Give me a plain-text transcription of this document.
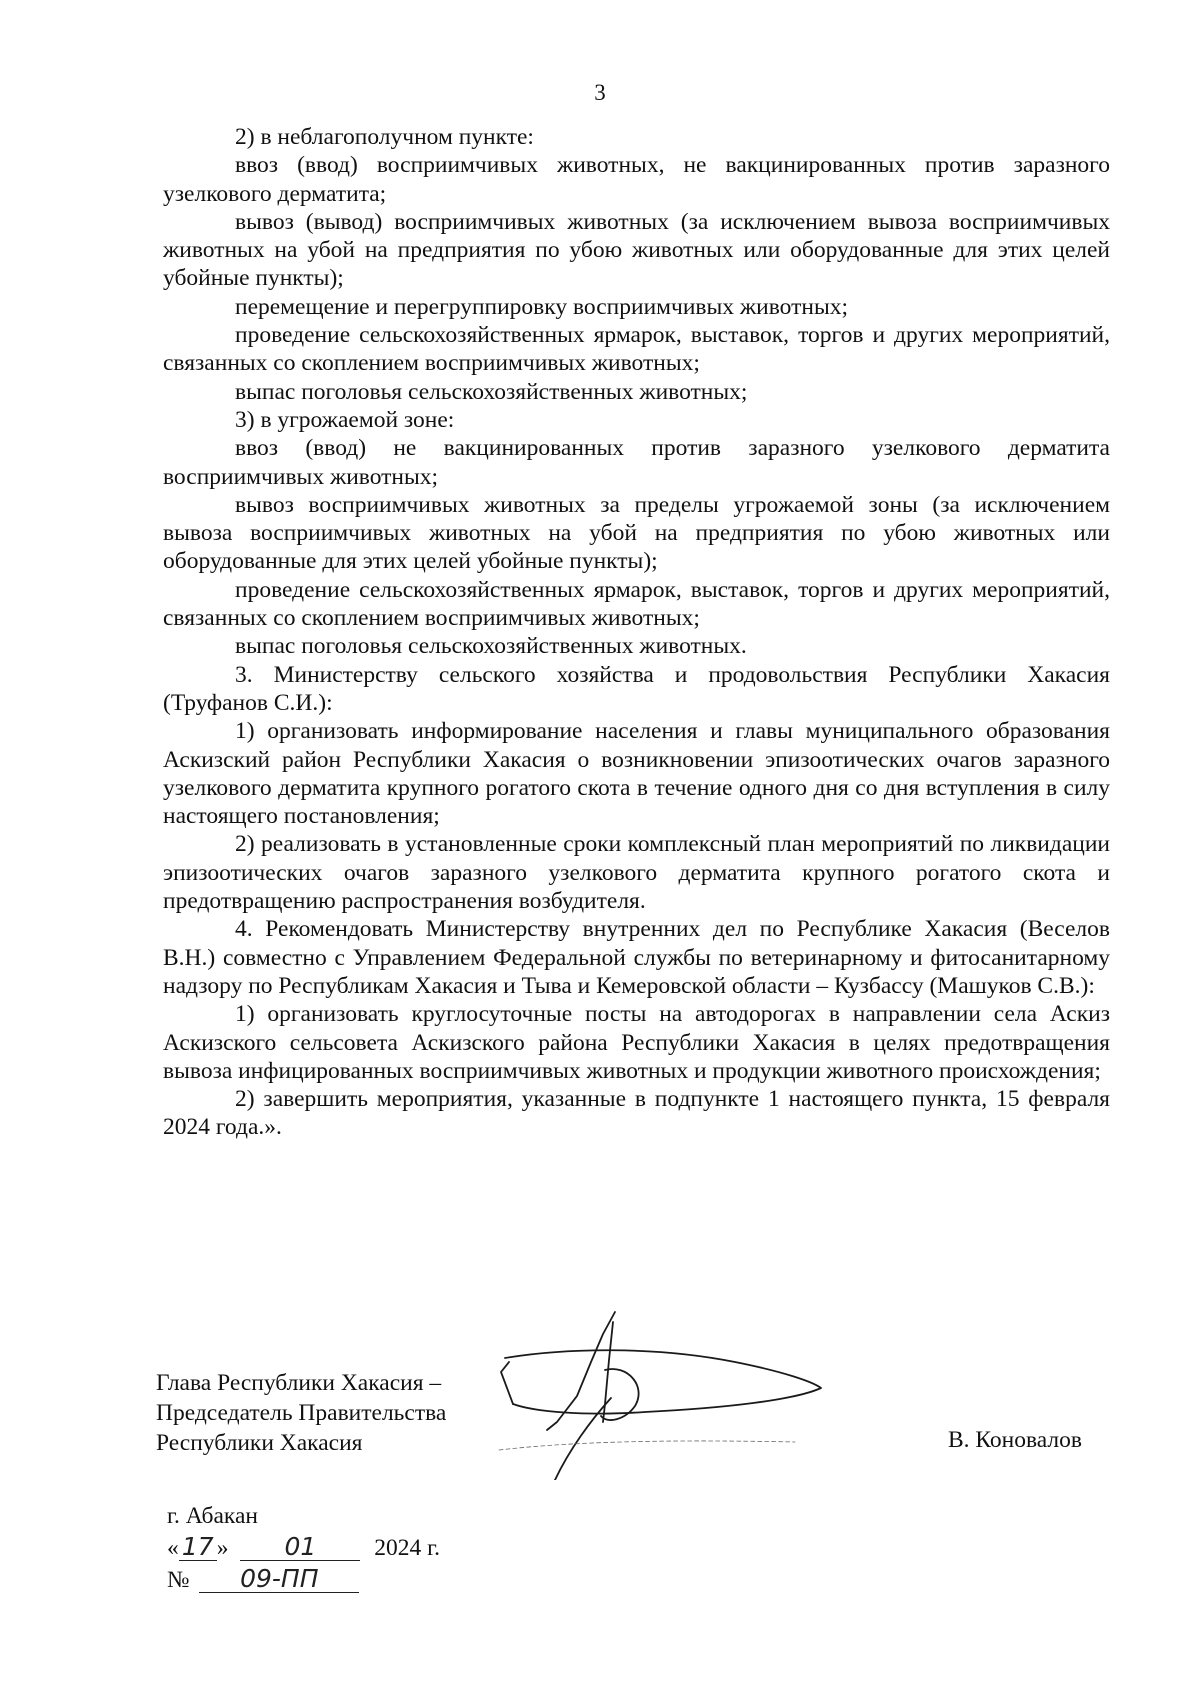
3

2) в неблагополучном пункте:

ввоз (ввод) восприимчивых животных, не вакцинированных против заразного узелкового дерматита;

вывоз (вывод) восприимчивых животных (за исключением вывоза восприимчивых животных на убой на предприятия по убою животных или оборудованные для этих целей убойные пункты);

перемещение и перегруппировку восприимчивых животных;

проведение сельскохозяйственных ярмарок, выставок, торгов и других мероприятий, связанных со скоплением восприимчивых животных;

выпас поголовья сельскохозяйственных животных;

3) в угрожаемой зоне:

ввоз (ввод) не вакцинированных против заразного узелкового дерматита восприимчивых животных;

вывоз восприимчивых животных за пределы угрожаемой зоны (за исключением вывоза восприимчивых животных на убой на предприятия по убою животных или оборудованные для этих целей убойные пункты);

проведение сельскохозяйственных ярмарок, выставок, торгов и других мероприятий, связанных со скоплением восприимчивых животных;

выпас поголовья сельскохозяйственных животных.

3. Министерству сельского хозяйства и продовольствия Республики Хакасия (Труфанов С.И.):

1) организовать информирование населения и главы муниципального образования Аскизский район Республики Хакасия о возникновении эпизоотических очагов заразного узелкового дерматита крупного рогатого скота в течение одного дня со дня вступления в силу настоящего постановления;

2) реализовать в установленные сроки комплексный план мероприятий по ликвидации эпизоотических очагов заразного узелкового дерматита крупного рогатого скота и предотвращению распространения возбудителя.

4. Рекомендовать Министерству внутренних дел по Республике Хакасия (Веселов В.Н.) совместно с Управлением Федеральной службы по ветеринарному и фитосанитарному надзору по Республикам Хакасия и Тыва и Кемеровской области – Кузбассу (Машуков С.В.):

1) организовать круглосуточные посты на автодорогах в направлении села Аскиз Аскизского сельсовета Аскизского района Республики Хакасия в целях предотвращения вывоза инфицированных восприимчивых животных и продукции животного происхождения;

2) завершить мероприятия, указанные в подпункте 1 настоящего пункта, 15 февраля 2024 года.».

Глава Республики Хакасия –
Председатель Правительства
Республики Хакасия	В. Коновалов
г. Абакан
« 17 » 01 2024 г.
№ 09-ПП
